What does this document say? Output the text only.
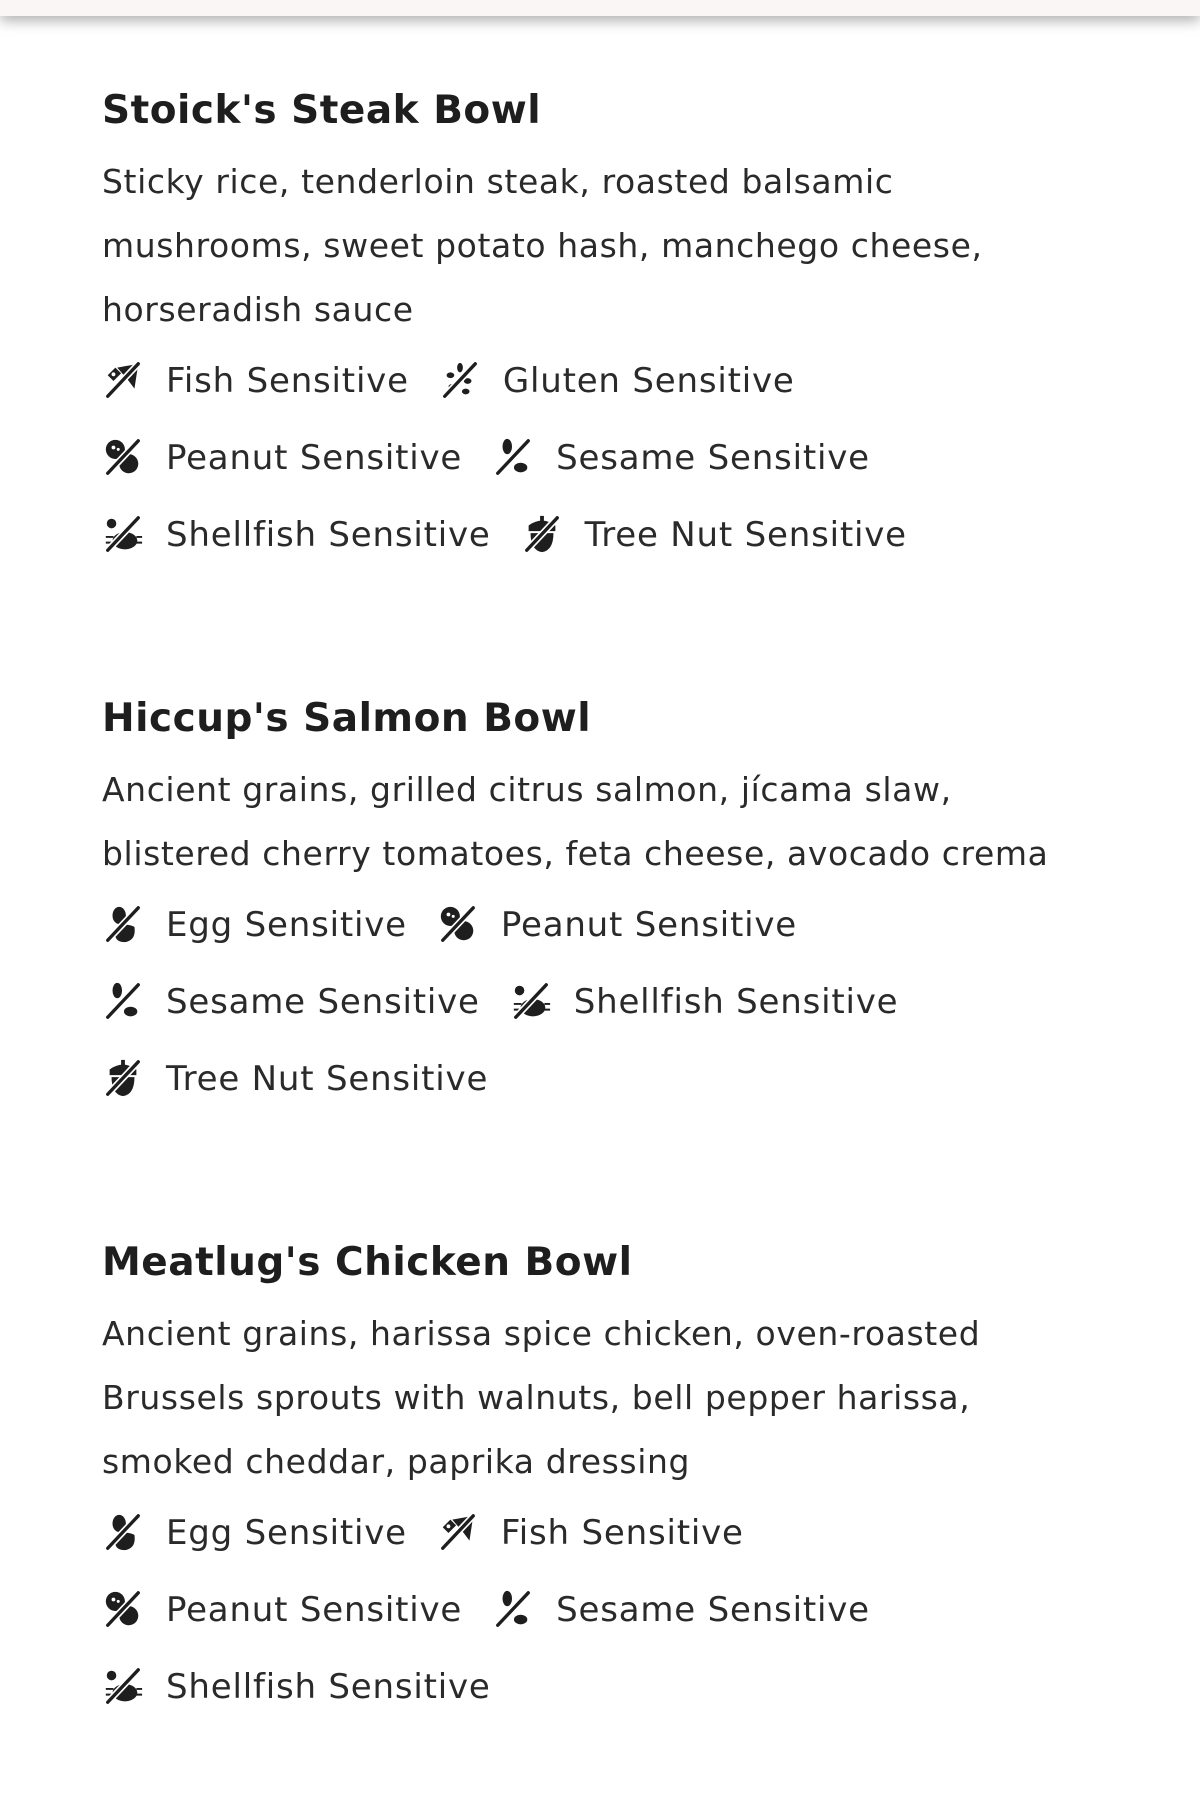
Stoick's Steak Bowl
Sticky rice, tenderloin steak, roasted balsamic
mushrooms, sweet potato hash, manchego cheese,
horseradish sauce
Fish Sensitive	Gluten Sensitive
Peanut Sensitive	Sesame Sensitive
Shellfish Sensitive	Tree Nut Sensitive
Hiccup's Salmon Bowl
Ancient grains, grilled citrus salmon, jícama slaw,
blistered cherry tomatoes, feta cheese, avocado crema
Egg Sensitive	Peanut Sensitive
Sesame Sensitive	Shellfish Sensitive
Tree Nut Sensitive
Meatlug's Chicken Bowl
Ancient grains, harissa spice chicken, oven-roasted
Brussels sprouts with walnuts, bell pepper harissa,
smoked cheddar, paprika dressing
Egg Sensitive	Fish Sensitive
Peanut Sensitive	Sesame Sensitive
Shellfish Sensitive
